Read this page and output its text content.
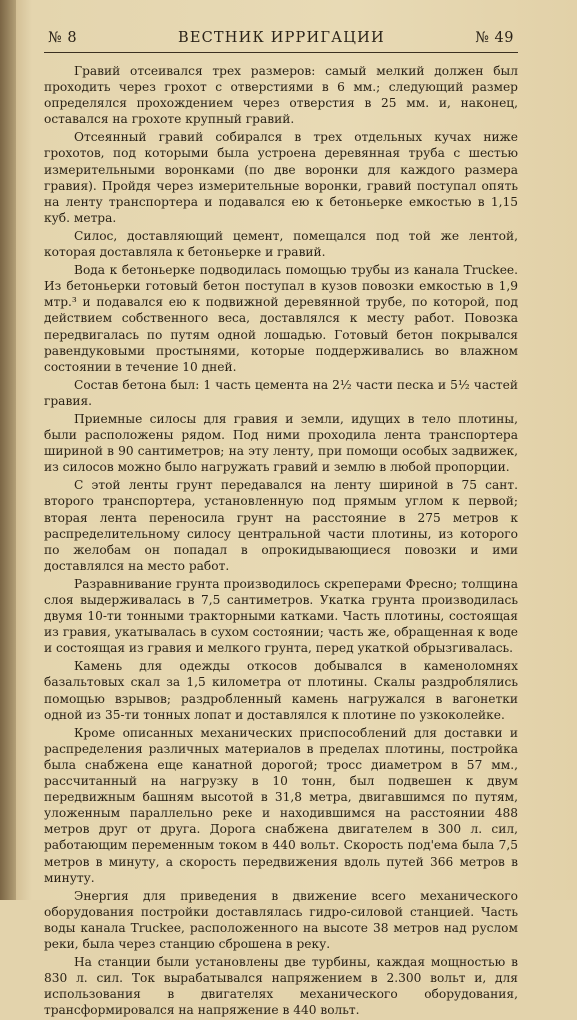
№ 8	ВЕСТНИК ИРРИГАЦИИ	№ 49

Гравий отсеивался трех размеров: самый мелкий должен был проходить через грохот с отверстиями в 6 мм.; следующий размер определялся прохождением через отверстия в 25 мм. и, наконец, оставался на грохоте крупный гравий.

Отсеянный гравий собирался в трех отдельных кучах ниже грохотов, под которыми была устроена деревянная труба с шестью измерительными воронками (по две воронки для каждого размера гравия). Пройдя через измерительные воронки, гравий поступал опять на ленту транспортера и подавался ею к бетоньерке емкостью в 1,15 куб. метра.

Силос, доставляющий цемент, помещался под той же лентой, которая доставляла к бетоньерке и гравий.

Вода к бетоньерке подводилась помощью трубы из канала Truckee. Из бетоньерки готовый бетон поступал в кузов повозки емкостью в 1,9 мтр.³ и подавался ею к подвижной деревянной трубе, по которой, под действием собственного веса, доставлялся к месту работ. Повозка передвигалась по путям одной лошадью. Готовый бетон покрывался равендуковыми простынями, которые поддерживались во влажном состоянии в течение 10 дней.

Состав бетона был: 1 часть цемента на 2½ части песка и 5½ частей гравия.

Приемные силосы для гравия и земли, идущих в тело плотины, были расположены рядом. Под ними проходила лента транспортера шириной в 90 сантиметров; на эту ленту, при помощи особых задвижек, из силосов можно было нагружать гравий и землю в любой пропорции.

С этой ленты грунт передавался на ленту шириной в 75 сант. второго транспортера, установленную под прямым углом к первой; вторая лента переносила грунт на расстояние в 275 метров к распределительному силосу центральной части плотины, из которого по желобам он попадал в опрокидывающиеся повозки и ими доставлялся на место работ.

Разравнивание грунта производилось скреперами Фресно; толщина слоя выдерживалась в 7,5 сантиметров. Укатка грунта производилась двумя 10-ти тонными тракторными катками. Часть плотины, состоящая из гравия, укатывалась в сухом состоянии; часть же, обращенная к воде и состоящая из гравия и мелкого грунта, перед укаткой обрызгивалась.

Камень для одежды откосов добывался в каменоломнях базальтовых скал за 1,5 километра от плотины. Скалы раздроблялись помощью взрывов; раздробленный камень нагружался в вагонетки одной из 35-ти тонных лопат и доставлялся к плотине по узкоколейке.

Кроме описанных механических приспособлений для доставки и распределения различных материалов в пределах плотины, постройка была снабжена еще канатной дорогой; тросс диаметром в 57 мм., рассчитанный на нагрузку в 10 тонн, был подвешен к двум передвижным башням высотой в 31,8 метра, двигавшимся по путям, уложенным параллельно реке и находившимся на расстоянии 488 метров друг от друга. Дорога снабжена двигателем в 300 л. сил, работающим переменным током в 440 вольт. Скорость под'ема была 7,5 метров в минуту, а скорость передвижения вдоль путей 366 метров в минуту.

Энергия для приведения в движение всего механического оборудования постройки доставлялась гидро-силовой станцией. Часть воды канала Truckee, расположенного на высоте 38 метров над руслом реки, была через станцию сброшена в реку.

На станции были установлены две турбины, каждая мощностью в 830 л. сил. Ток вырабатывался напряжением в 2.300 вольт и, для использования в двигателях механического оборудования, трансформировался на напряжение в 440 вольт.
